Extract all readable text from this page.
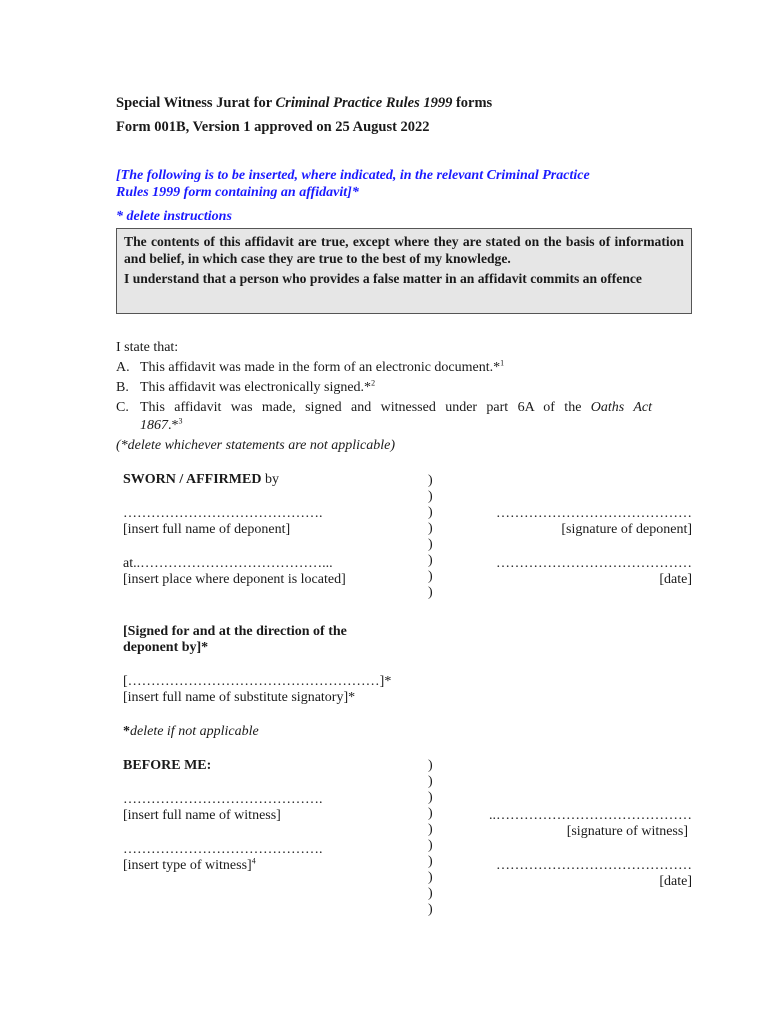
Special Witness Jurat for Criminal Practice Rules 1999 forms
Form 001B, Version 1 approved on 25 August 2022
[The following is to be inserted, where indicated, in the relevant Criminal Practice
Rules 1999 form containing an affidavit]*
* delete instructions

The contents of this affidavit are true, except where they are stated on the basis of information and belief, in which case they are true to the best of my knowledge.

I understand that a person who provides a false matter in an affidavit commits an offence

I state that:
A. This affidavit was made in the form of an electronic document.*$^1$
B. This affidavit was electronically signed.*$^2$
C. This affidavit was made, signed and witnessed under part 6A of the Oaths Act
1867.*$^3$
(*delete whichever statements are not applicable)
SWORN / AFFIRMED by
…………………………………….
[insert full name of deponent]
at..…………………………………...
[insert place where deponent is located]
)
)
)
)
)
)
)
)
……………………………………
[signature of deponent]
……………………………………
[date]
[Signed for and at the direction of the
deponent by]*
[………………………………………………]*
[insert full name of substitute signatory]*
*delete if not applicable
BEFORE ME:
…………………………………….
[insert full name of witness]
…………………………………….
[insert type of witness]$^4$
)
)
)
)
)
)
)
)
)
)
..……………………………………
[signature of witness]
……………………………………
[date]
